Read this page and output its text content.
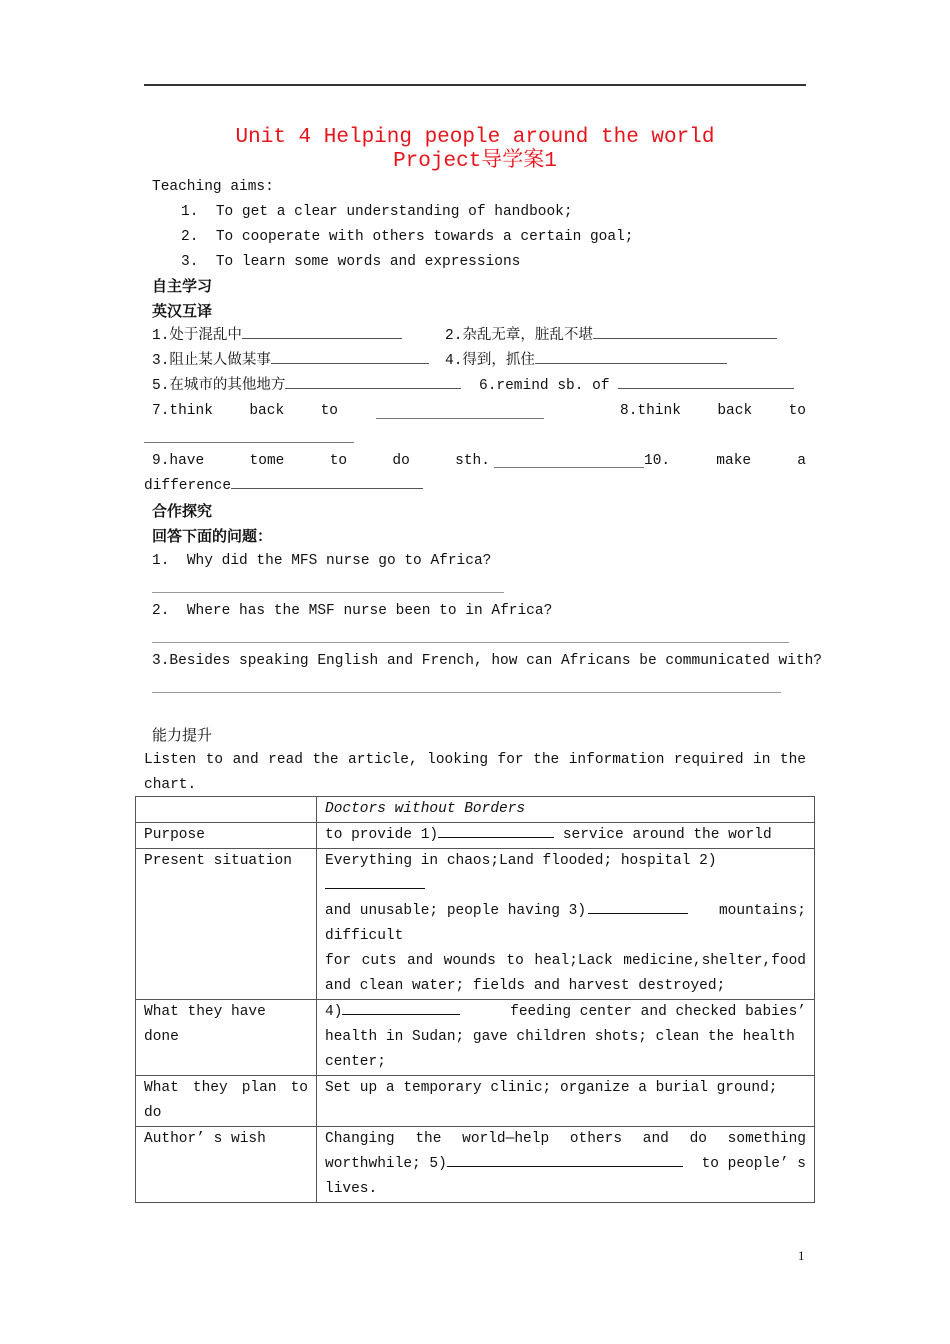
Unit 4 Helping people around the world
Project导学案1
Teaching aims:
1. To get a clear understanding of handbook;
2. To cooperate with others towards a certain goal;
3. To learn some words and expressions
自主学习
英汉互译
1.处于混乱中	2.杂乱无章，脏乱不堪
3.阻止某人做某事	4.得到，抓住
5.在城市的其他地方	6.remind sb. of
7.think	back	to	8.think	back	to
9.have	tome	to	do	sth.	10.	make	a
difference
合作探究
回答下面的问题：
1. Why did the MFS nurse go to Africa?
2. Where has the MSF nurse been to in Africa?
3.Besides speaking English and French, how can Africans be communicated with?
能力提升
Listen to and read the article, looking for the information required in the
chart.
	Doctors without Borders
Purpose	to provide 1) service around the world
Present situation	Everything in chaos;Land flooded; hospital 2)
and unusable; people having 3)	mountains;
difficult
for cuts and wounds to heal;Lack medicine,shelter,food
and clean water; fields and harvest destroyed;

What they have done	4) feeding center and checked babies’
health in Sudan; gave children shots; clean the health
center;

What they plan to
do	Set up a temporary clinic; organize a burial ground;
Author’ s wish	Changing the world—help others and do something
worthwhile; 5) to people’ s
lives.
1
